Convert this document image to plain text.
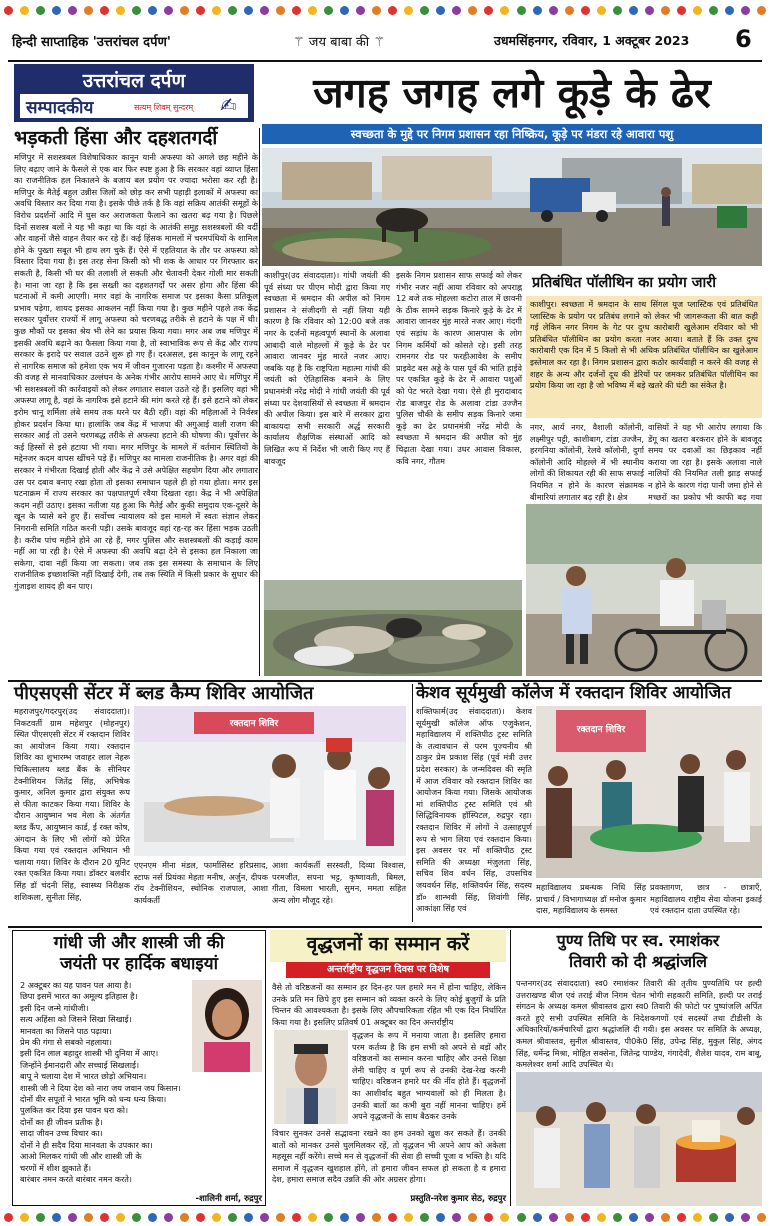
हिन्दी साप्ताहिक 'उत्तरांचल दर्पण'	⚚ जय बाबा की ⚚	उधमसिंहनगर, रविवार, 1 अक्टूबर 2023 6
उत्तरांचल दर्पण
सम्पादकीय	सत्यम् शिवम् सुन्दरम् ✍	जगह जगह लगे कूड़े के ढेर
स्वच्छता के मुद्दे पर निगम प्रशासन रहा निष्क्रिय, कूड़े पर मंडरा रहे आवारा पशु
भड़कती हिंसा और दहशतगर्दी
मणिपुर में सशस्त्रबल विशेषाधिकार कानून यानी अफस्पा को अगले छह महीने के लिए बढ़ाए जाने के फैसले से एक बार फिर स्पष्ट हुआ है कि सरकार वहां व्याप्त हिंसा का राजनीतिक हल निकालने के बजाय बल प्रयोग पर ज्यादा भरोसा कर रही है। मणिपुर के मैतेई बहुल उन्नीस जिलों को छोड़ कर सभी पहाड़ी इलाकों में अफस्पा का अवधि विस्तार कर दिया गया है। इसके पीछे तर्क है कि वहां सक्रिय आतंकी समूहों के विरोध प्रदर्शनों आदि में घुस कर अराजकता फैलाने का खतरा बढ़ गया है। पिछले दिनों सशस्त्र बलों ने यह भी कहा था कि वहां के आतंकी समूह सशस्त्रबलों की वर्दी और वाहनों जैसे वाहन तैयार कर रहे हैं। कई हिंसक मामलों में चरमपंथियों के शामिल होने के पुख्ता सबूत भी हाथ लग चुके हैं। ऐसे में एहतियात के तौर पर अफस्पा को विस्तार दिया गया है। इस तरह सेना किसी को भी शक के आधार पर गिरफ्तार कर सकती है, किसी भी घर की तलाशी ले सकती और चेतावनी देकर गोली मार सकती है। माना जा रहा है कि इस सख्ती का दहशतगर्दों पर असर होगा और हिंसा की घटनाओं में कमी आएगी। मगर वहां के नागरिक समाज पर इसका कैसा प्रतिकूल प्रभाव पड़ेगा, शायद इसका आकलन नहीं किया गया है। कुछ महीने पहले तक केंद्र सरकार पूर्वोत्तर राज्यों में लागू अफस्पा को चरणबद्ध तरीके से हटाने के पक्ष में थी। कुछ मौकों पर इसका श्रेय भी लेने का प्रयास किया गया। मगर अब जब मणिपुर में इसकी अवधि बढ़ाने का फैसला किया गया है, तो स्वाभाविक रूप से केंद्र और राज्य सरकार के इरादे पर सवाल उठने शुरू हो गए हैं। दरअसल, इस कानून के लागू रहने से नागरिक समाज को हमेशा एक भय में जीवन गुजारना पड़ता है। कश्मीर में अफस्पा की वजह से मानवाधिकार उल्लंघन के अनेक गंभीर आरोप सामने आए थे। मणिपुर में भी सशस्त्रबलों की कार्रवाइयों को लेकर लगातार सवाल उठते रहे हैं। इसलिए वहां भी अफस्पा लागू है, वहां के नागरिक इसे हटाने की मांग करते रहे हैं। इसे हटाने को लेकर इरोम चानू शर्मिला लंबे समय तक धरने पर बैठी रहीं। वहां की महिलाओं ने निर्वस्त्र होकर प्रदर्शन किया था। हालांकि जब केंद्र में भाजपा की अगुआई वाली राजग की सरकार आई तो उसने चरणबद्ध तरीके से अफस्पा हटाने की घोषणा की। पूर्वोत्तर के कई हिस्सों से इसे हटाया भी गया। मगर मणिपुर के मामले में वर्तमान स्थितियों के मद्देनजर कदम वापस खींचने पड़े हैं। मणिपुर का मामला राजनीतिक है। अगर वहां की सरकार ने गंभीरता दिखाई होती और केंद्र ने उसे अपेक्षित सहयोग दिया और लगातार उस पर दबाव बनाए रखा होता तो इसका समाधान पहले ही हो गया होता। मगर इस घटनाक्रम में राज्य सरकार का पक्षपातपूर्ण रवैया दिखता रहा। केंद्र ने भी अपेक्षित कदम नहीं उठाए। इसका नतीजा यह हुआ कि मैतेई और कुकी समुदाय एक-दूसरे के खून के प्यासे बने हुए हैं। सर्वोच्च न्यायालय को इस मामले में स्वतः संज्ञान लेकर निगरानी समिति गठित करनी पड़ी। उसके बावजूद वहां रह-रह कर हिंसा भड़क उठती है। करीब पांच महीने होने आ रहे हैं, मगर पुलिस और सशस्त्रबलों की कड़ाई काम नहीं आ पा रही है। ऐसे में अफस्पा की अवधि बढ़ा देने से इसका हल निकाला जा सकेगा, दावा नहीं किया जा सकता। जब तक इस समस्या के समाधान के लिए राजनीतिक इच्छाशक्ति नहीं दिखाई देगी, तब तक स्थिति में किसी प्रकार के सुधार की गुंजाइश शायद ही बन पाए।
काशीपुर(उद संवाददाता)। गांधी जयंती की पूर्व संध्या पर पीएम मोदी द्वारा किया गए स्वच्छता में श्रमदान की अपील को निगम प्रशासन ने संजीदगी से नहीं लिया यही कारण है कि रविवार को 12:00 बजे तक नगर के दर्जनों महत्वपूर्ण स्थानों के अलावा आबादी वाले मोहल्लों में कूड़े के ढेर पर आवारा जानवर मुंह मारते नजर आए। जबकि यह है कि राष्ट्रपिता महात्मा गांधी की जयंती को ऐतिहासिक बनाने के लिए प्रधानमंत्री नरेंद्र मोदी ने गांधी जयंती की पूर्व संध्या पर देशवासियों से स्वच्छता में श्रमदान की अपील किया। इस बारे में सरकार द्वारा बाकायदा सभी सरकारी अर्द्ध सरकारी कार्यालय शैक्षणिक संस्थाओं आदि को लिखित रूप में निर्देश भी जारी किए गए हैं बावजूद
इसके निगम प्रशासन साफ सफाई को लेकर गंभीर नजर नहीं आया रविवार को अपराह्न 12 बजे तक मोहल्ला कटोरा ताल में छावनी के ठीक सामने सड़क किनारे कूड़े के ढेर में आवारा जानवर मुंह मारते नजर आए। गंदगी एवं सड़ांध के कारण आसपास के लोग निगम कर्मियों को कोसते रहे। इसी तरह रामनगर रोड पर फरहीआवेश के समीप प्राइवेट बस अड्डे के पास पूर्व की भांति हाईवे पर एकत्रित कूड़े के ढेर में आवारा पशुओं को पेट भरते देखा गया। ऐसे ही मुरादाबाद रोड बाजपुर रोड के अलावा टांडा उज्जैन पुलिस चौकी के समीप सड़क किनारे जमा कूड़े का ढेर प्रधानमंत्री नरेंद्र मोदी के स्वच्छता में श्रमदान की अपील को मुंह चिढ़ाता देखा गया। उधर आवास विकास, कवि नगर, गौतम
प्रतिबंधित पॉलीथिन का प्रयोग जारी
काशीपुर। स्वच्छता में श्रमदान के साथ सिंगल यूज प्लास्टिक एवं प्रतिबंधित प्लास्टिक के प्रयोग पर प्रतिबंध लगाने को लेकर भी जागरूकता की बात कही गई लेकिन नगर निगम के गेट पर दुग्ध कारोबारी खुलेआम रविवार को भी प्रतिबंधित पॉलीथिन का प्रयोग करता नजर आया। बताते हैं कि उक्त दुग्ध कारोबारी एक दिन में 5 किलो से भी अधिक प्रतिबंधित पॉलीथिन का खुलेआम इस्तेमाल कर रहा है। निगम प्रशासन द्वारा कठोर कार्यवाही न करने की वजह से शहर के अन्य और दर्जनों दूध की डेरियों पर जमकर प्रतिबंधित पॉलीथिन का प्रयोग किया जा रहा है जो भविष्य में बड़े खतरे की घंटी का संकेत है।
नगर, आर्य नगर, वैशाली कॉलोनी, लक्ष्मीपुर पट्टी, काशीबाग, टांडा उज्जैन, हरगनिया कॉलोनी, रेलवे कॉलोनी, दुर्गा कॉलोनी आदि मोहल्ले में भी स्थानीय लोगों की शिकायत रही की साफ सफाई नियमित न होने के कारण संक्रामक बीमारियां लगातार बढ़ रही है। क्षेत्र
वासियों ने यह भी आरोप लगाया कि डेंगू का खतरा बरकरार होने के बावजूद समय पर दवाओं का छिड़काव नहीं कराया जा रहा है। इसके अलावा नाले नालियों की नियमित तली झाड़ सफाई न होने के कारण गंदा पानी जमा होने से मच्छरों का प्रकोप भी काफी बढ़ गया
पीएसएसी सेंटर में ब्लड कैम्प शिविर आयोजित
महराजपुर/गदरपुर(उद संवाददाता)। निकटवर्ती ग्राम महेशपुर (मोहनपुर) स्थित पीएसएसी सेंटर में रक्तदान शिविर का आयोजन किया गया। रक्तदान शिविर का शुभारम्भ जवाहर लाल नेहरू चिकित्सालय ब्लड बैंक के सीनियर टेक्नीशियन जितेंद्र सिंह, अभिषेक कुमार, अनिल कुमार द्वारा संयुक्त रूप से फीता काटकर किया गया। शिविर के दौरान आयुष्मान भव मेला के अंतर्गत ब्लड कैंप, आयुष्मान कार्ड, ई रक्त कोष, अंगदान के लिए भी लोगों को प्रेरित किया गया एवं रक्तदान अभियान भी चलाया गया। शिविर के दौरान 20 यूनिट रक्त एकत्रित किया गया। डॉक्टर बलवीर सिंह डॉ चंदनी सिंह, स्वास्थ्य निरीक्षक शशिकला, सुनीता सिंह,
रक्तदान शिविर
एएनएम मीना मंडल, फार्मासिस्ट हरिप्रसाद, स्टाफ नर्स प्रियंका मेहता मनीष, अर्जुन, दीपक रॉय टेक्नीशियन, स्थोनिक राजपाल, आशा कार्यकर्ती
आशा कार्यकर्ती सरस्वती, दिव्या विश्वास, परमजीत, सपना भट्ट, कृष्णावती, बिमल, गीता, विमला भारती, सुमन, ममता सहित अन्य लोग मौजूद रहे।
केशव सूर्यमुखी कॉलेज में रक्तदान शिविर आयोजित
शक्तिफार्म(उद संवाददाता)। केशव सूर्यमुखी कॉलेज ऑफ एजुकेशन, महाविद्यालय में शक्तिपीठ ट्रस्ट समिति के तत्वावधान से परम पूज्यनीय श्री ठाकुर प्रेम प्रकाश सिंह (पूर्व मंत्री उत्तर प्रदेश सरकार) के जन्मदिवस की स्मृति में आज रविवार को रक्तदान शिविर का आयोजन किया गया। जिसके आयोजक मां शक्तिपीठ ट्रस्ट समिति एवं श्री सिद्धिविनायक हॉस्पिटल, रुद्रपुर रहा। रक्तदान शिविर में लोगों ने उत्साहपूर्ण रूप से भाग लिया एवं रक्तदान किया। इस अवसर पर माँ शक्तिपीठ ट्रस्ट समिति की अध्यक्षा मंजुलता सिंह, सचिव शिव वर्धन सिंह, उपसचिव जयवर्धन सिंह, शक्तिवर्धन सिंह, सदस्य डॉ० शान्भवी सिंह, शिवांगी सिंह, आकांक्षा सिंह एवं
रक्तदान शिविर
महाविद्यालय प्रबन्धक निधि सिंह प्राचार्य / विभागाध्यक्ष डॉ मनोज कुमार दास, महाविद्यालय के समस्त
प्रवक्तागण, छात्र - छात्राएँ, महाविद्यालय राष्ट्रीय सेवा योजना इकाई एवं रक्तदान दाता उपस्थित रहे।
गांधी जी और शास्त्री जी की
जयंती पर हार्दिक बधाइयां
2 अक्टूबर का यह पावन पल आया है।
छिपा इसमें भारत का अमूल्य इतिहास है।
इसी दिन जन्मे गांधीजी।
सत्य अहिंसा को जिसने सिखा सिखाई।
मानवता का जिसने पाठ पढ़ाया।
प्रेम की गंगा से सबको नहलाया।
इसी दिन लाल बहादुर शास्त्री भी दुनिया में आए।
जिन्होंने ईमानदारी और सच्चाई सिखलाई।
बापू ने चलाया देश में भारत छोड़ो अभियान।
शास्त्री जी ने दिया देश को नारा जय जवान जय किसान।
दोनों वीर सपूतों ने भारत भूमि को धन्य धन्य किया।
पुलकित कर दिया इस पावन धरा को।
दोनों का ही जीवन प्रतीक है।
सादा जीवन उच्च विचार का।
दोनों ने ही सदैव दिया मानवता के उपकार का।
आओ मिलकर गांधी जी और शास्त्री जी के
चरणों में शीश झुकाते हैं।
बारंबार नमन करते बारंबार नमन करते।
-शालिनी शर्मा, रुद्रपुर
वृद्धजनों का सम्मान करें
अन्तर्राष्ट्रीय वृद्धजन दिवस पर विशेष
वैसे तो वरिष्ठजनों का सम्मान हर दिन-हर पल हमारे मन में होना चाहिए, लेकिन उनके प्रति मन छिपे हुए इस सम्मान को व्यक्त करने के लिए कोई बुजुर्गों के प्रति चिन्तन की आवश्यकता है। इसके लिए औपचारिकता रहित भी एक दिन निर्धारित किया गया है। इसलिए प्रतिवर्ष 01 अक्टूबर का दिन अन्तर्राष्ट्रीय
वृद्धजन के रूप में मनाया जाता है। इसलिए हमारा परम कर्तव्य है कि हम सभी को अपने से बड़ों और वरिष्ठजनों का सम्मान करना चाहिए और उनसे शिक्षा लेनी चाहिए व पूर्ण रूप से उनकी देख-रेख करनी चाहिए। वरिष्ठजन हमारे घर की नींव होते हैं। वृद्धजनों का आशीर्वाद बहुत भाग्यवालों को ही मिलता है। उनकी बातों का कभी बुरा नहीं मानना चाहिए। हमें अपने वृद्धजनों के साथ बैठकर उनके
विचार सुनकर उनसे सद्भावना रखने का हम उनको खुश कर सकते हैं। उनकी बातों को मानकर उनसे घुलमिलकर रहें, तो वृद्धजन भी अपने आप को अकेला महसूस नहीं करेंगे। सच्चे मन से वृद्धजनों की सेवा ही सच्ची पूजा व भक्ति है। यदि समाज में वृद्धजन खुशहाल होंगे, तो हमारा जीवन सफल हो सकता है व हमारा देश, हमारा समाज सदैव उन्नति की ओर अग्रसर होगा।
प्रस्तुति-नरेश कुमार सेठ, रुद्रपुर
पुण्य तिथि पर स्व. रमाशंकर
तिवारी को दी श्रद्धांजलि
पन्तनगर(उद संवाददाता) स्व0 रमाशंकर तिवारी की तृतीय पुण्यतिथि पर हल्दी उत्तराखण्ड बीज एवं तराई बीज निगम चेतन भोगी सहकारी समिति, हल्दी पर तराई संगठन के अध्यक्ष कमल श्रीवास्तव द्वारा स्व0 तिवारी की फोटो पर पुष्पांजलि अर्पित करते हुऐ सभी उपस्थित समिति के निदेशकगणों एवं सदस्यों तथा टीडीसी के अधिकारियों/कर्मचारियों द्वारा श्रद्धांजलि दी गयी। इस अवसर पर समिति के अध्यक्ष, कमल श्रीवास्तव, सुनील श्रीवास्तव, पी0के0 सिंह, उपेन्द्र सिंह, मुकुल सिंह, अंगद सिंह, धर्मेन्द्र मिश्रा, मोहित सक्सेना, जितेन्द्र पाण्डेय, गंगादेवी, शैलेश यादव, राम बाबू, कमलेश्वर शर्मा आदि उपस्थित थे।
